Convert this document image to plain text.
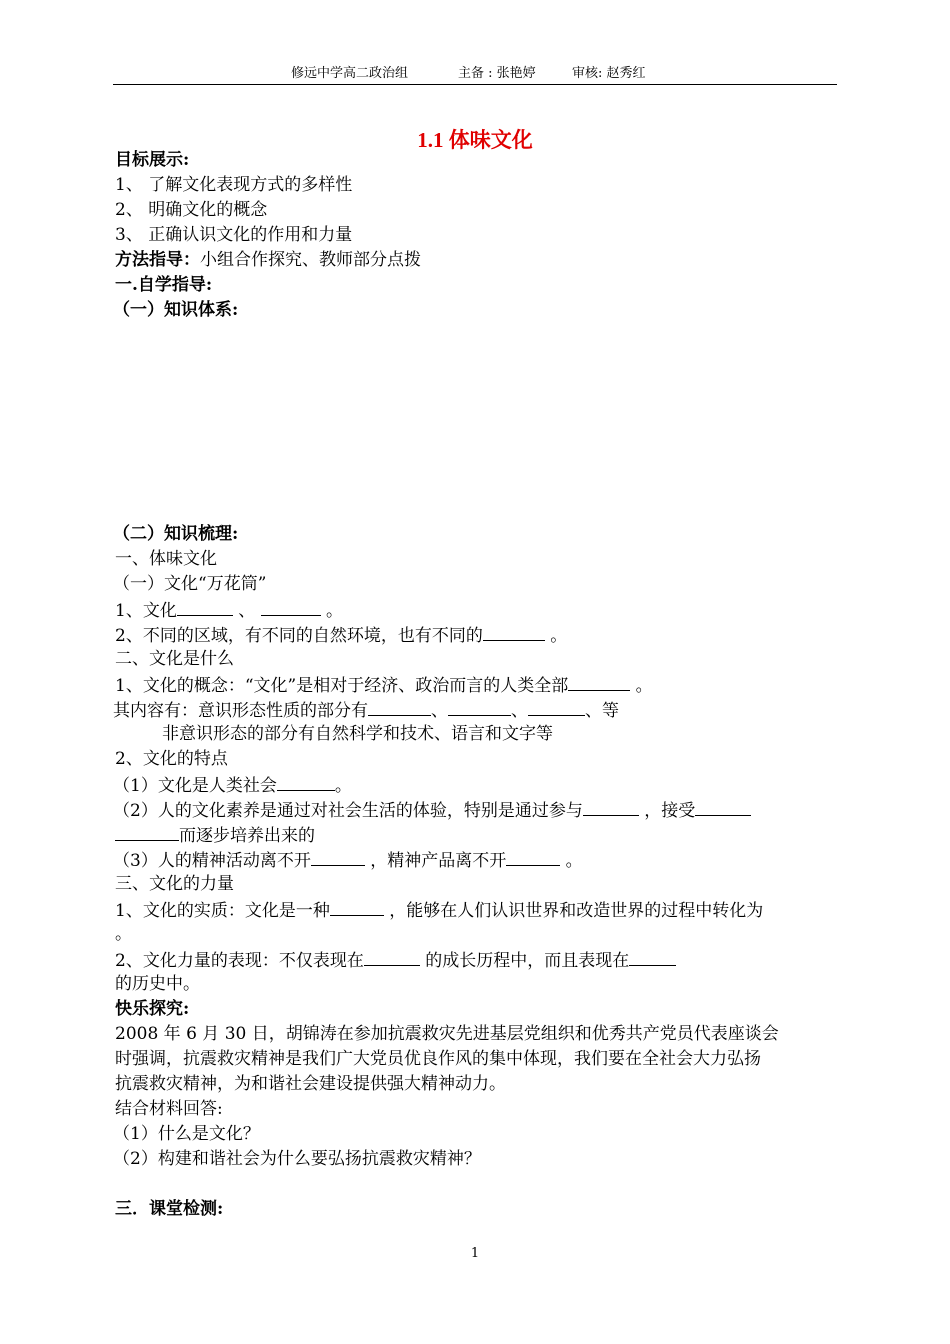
修远中学高二政治组	主备 : 张艳婷	审核: 赵秀红
1.1 体味文化
目标展示:
1、 了解文化表现方式的多样性
2、 明确文化的概念
3、 正确认识文化的作用和力量
方法指导：小组合作探究、教师部分点拨
一.自学指导:
（一）知识体系:
（二）知识梳理:
一、体味文化
（一）文化“万花筒”
1、文化	、	。
2、不同的区域，有不同的自然环境，也有不同的	。
二、文化是什么
1、文化的概念：“文化”是相对于经济、政治而言的人类全部	。
其内容有：意识形态性质的部分有	、	、	、等
非意识形态的部分有自然科学和技术、语言和文字等
2、文化的特点
（1）文化是人类社会	。
（2）人的文化素养是通过对社会生活的体验，特别是通过参与	，接受
而逐步培养出来的
（3）人的精神活动离不开	，精神产品离不开	。
三、文化的力量
1、文化的实质：文化是一种	，能够在人们认识世界和改造世界的过程中转化为
。
2、文化力量的表现：不仅表现在	的成长历程中，而且表现在
的历史中。
快乐探究:
2008 年 6 月 30 日，胡锦涛在参加抗震救灾先进基层党组织和优秀共产党员代表座谈会
时强调，抗震救灾精神是我们广大党员优良作风的集中体现，我们要在全社会大力弘扬
抗震救灾精神，为和谐社会建设提供强大精神动力。
结合材料回答:
（1）什么是文化？
（2）构建和谐社会为什么要弘扬抗震救灾精神？
三．课堂检测:
1
